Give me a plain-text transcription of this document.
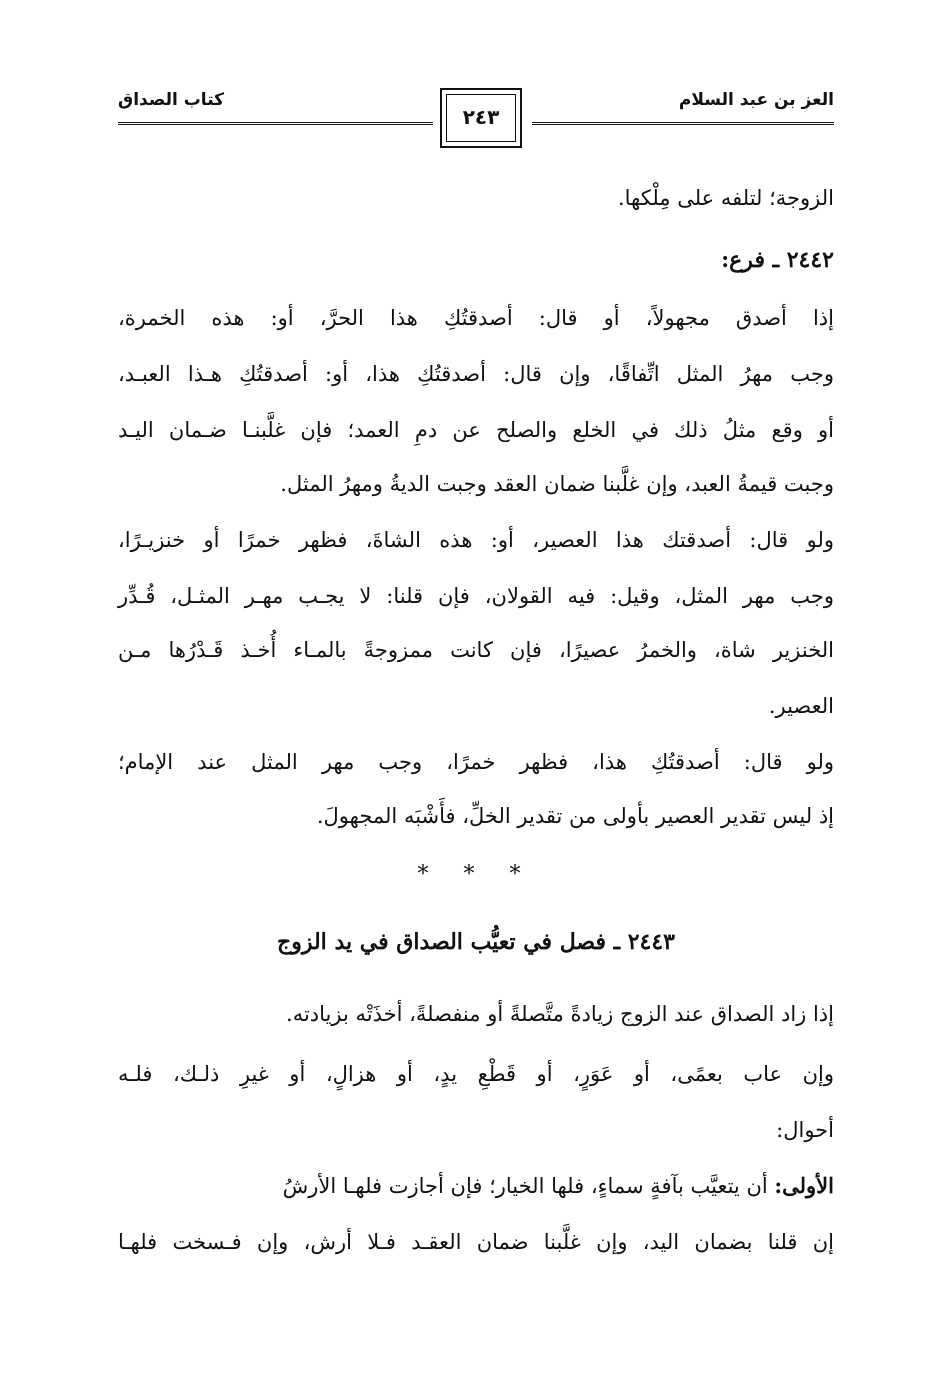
العز بن عبد السلام
كتاب الصداق
٢٤٣
الزوجة؛ لتلفه على مِلْكها.
٢٤٤٢ ـ فرع:
إذا أصدق مجهولاً، أو قال: أصدقتُكِ هذا الحرَّ، أو: هذه الخمرة،
وجب مهرُ المثل اتِّفاقًا، وإن قال: أصدقتُكِ هذا، أو: أصدقتُكِ هـذا العبـد،
أو وقع مثلُ ذلك في الخلع والصلح عن دمِ العمد؛ فإن غلَّبنـا ضـمان اليـد
وجبت قيمةُ العبد، وإن غلَّبنا ضمان العقد وجبت الديةُ ومهرُ المثل.
ولو قال: أصدقتك هذا العصير، أو: هذه الشاةَ، فظهر خمرًا أو خنزيـرًا،
وجب مهر المثل، وقيل: فيه القولان، فإن قلنا: لا يجـب مهـر المثـل، قُـدِّر
الخنزير شاة، والخمرُ عصيرًا، فإن كانت ممزوجةً بالمـاء أُخـذ قَـدْرُها مـن
العصير.
ولو قال: أصدقتُكِ هذا، فظهر خمرًا، وجب مهر المثل عند الإمام؛
إذ ليس تقدير العصير بأولى من تقدير الخلِّ، فأَشْبَه المجهولَ.
* * *
٢٤٤٣ ـ فصل في تعيُّب الصداق في يد الزوج
إذا زاد الصداق عند الزوج زيادةً متَّصلةً أو منفصلةً، أخذَتْه بزيادته.
وإن عاب بعمًى، أو عَوَرٍ، أو قَطْعِ يدٍ، أو هزالٍ، أو غيرِ ذلـك، فلـه
أحوال:
الأولى: أن يتعيَّب بآفةٍ سماءٍ، فلها الخيار؛ فإن أجازت فلهـا الأرشُ
إن قلنا بضمان اليد، وإن غلَّبنا ضمان العقـد فـلا أرش، وإن فـسخت فلهـا
